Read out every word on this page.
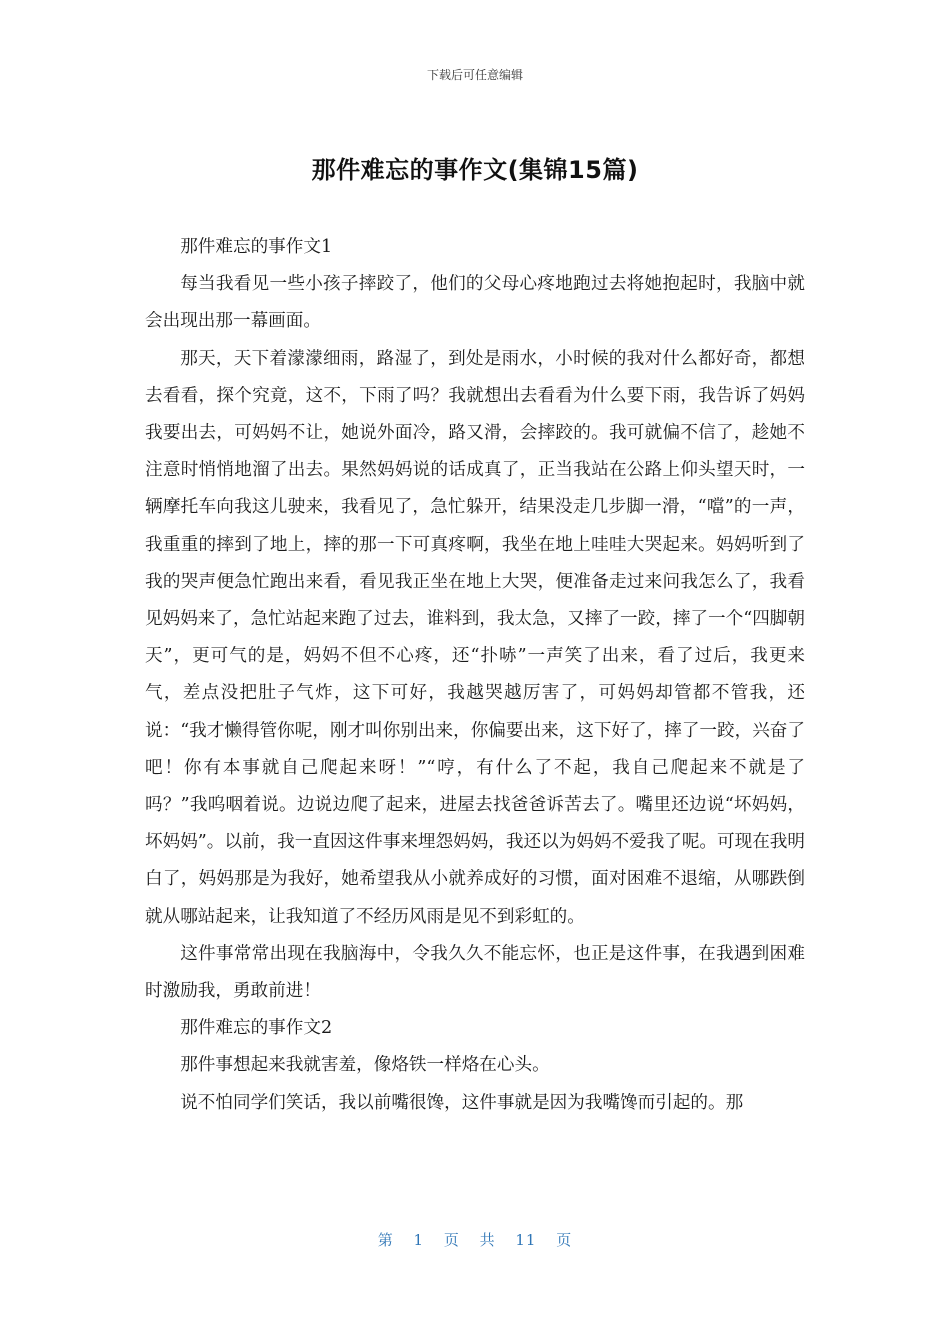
下载后可任意编辑
那件难忘的事作文(集锦15篇)

那件难忘的事作文1

每当我看见一些小孩子摔跤了，他们的父母心疼地跑过去将她抱起时，我脑中就会出现出那一幕画面。

那天，天下着濛濛细雨，路湿了，到处是雨水，小时候的我对什么都好奇，都想去看看，探个究竟，这不，下雨了吗？我就想出去看看为什么要下雨，我告诉了妈妈我要出去，可妈妈不让，她说外面冷，路又滑，会摔跤的。我可就偏不信了，趁她不注意时悄悄地溜了出去。果然妈妈说的话成真了，正当我站在公路上仰头望天时，一辆摩托车向我这儿驶来，我看见了，急忙躲开，结果没走几步脚一滑，“噹”的一声，我重重的摔到了地上，摔的那一下可真疼啊，我坐在地上哇哇大哭起来。妈妈听到了我的哭声便急忙跑出来看，看见我正坐在地上大哭，便准备走过来问我怎么了，我看见妈妈来了，急忙站起来跑了过去，谁料到，我太急，又摔了一跤，摔了一个“四脚朝天”，更可气的是，妈妈不但不心疼，还“扑哧”一声笑了出来，看了过后，我更来气，差点没把肚子气炸，这下可好，我越哭越厉害了，可妈妈却管都不管我，还说：“我才懒得管你呢，刚才叫你别出来，你偏要出来，这下好了，摔了一跤，兴奋了吧！你有本事就自己爬起来呀！”“哼，有什么了不起，我自己爬起来不就是了吗？”我呜咽着说。边说边爬了起来，进屋去找爸爸诉苦去了。嘴里还边说“坏妈妈，坏妈妈”。以前，我一直因这件事来埋怨妈妈，我还以为妈妈不爱我了呢。可现在我明白了，妈妈那是为我好，她希望我从小就养成好的习惯，面对困难不退缩，从哪跌倒就从哪站起来，让我知道了不经历风雨是见不到彩虹的。

这件事常常出现在我脑海中，令我久久不能忘怀，也正是这件事，在我遇到困难时激励我，勇敢前进！

那件难忘的事作文2

那件事想起来我就害羞，像烙铁一样烙在心头。

说不怕同学们笑话，我以前嘴很馋，这件事就是因为我嘴馋而引起的。那

第 1 页 共 11 页
